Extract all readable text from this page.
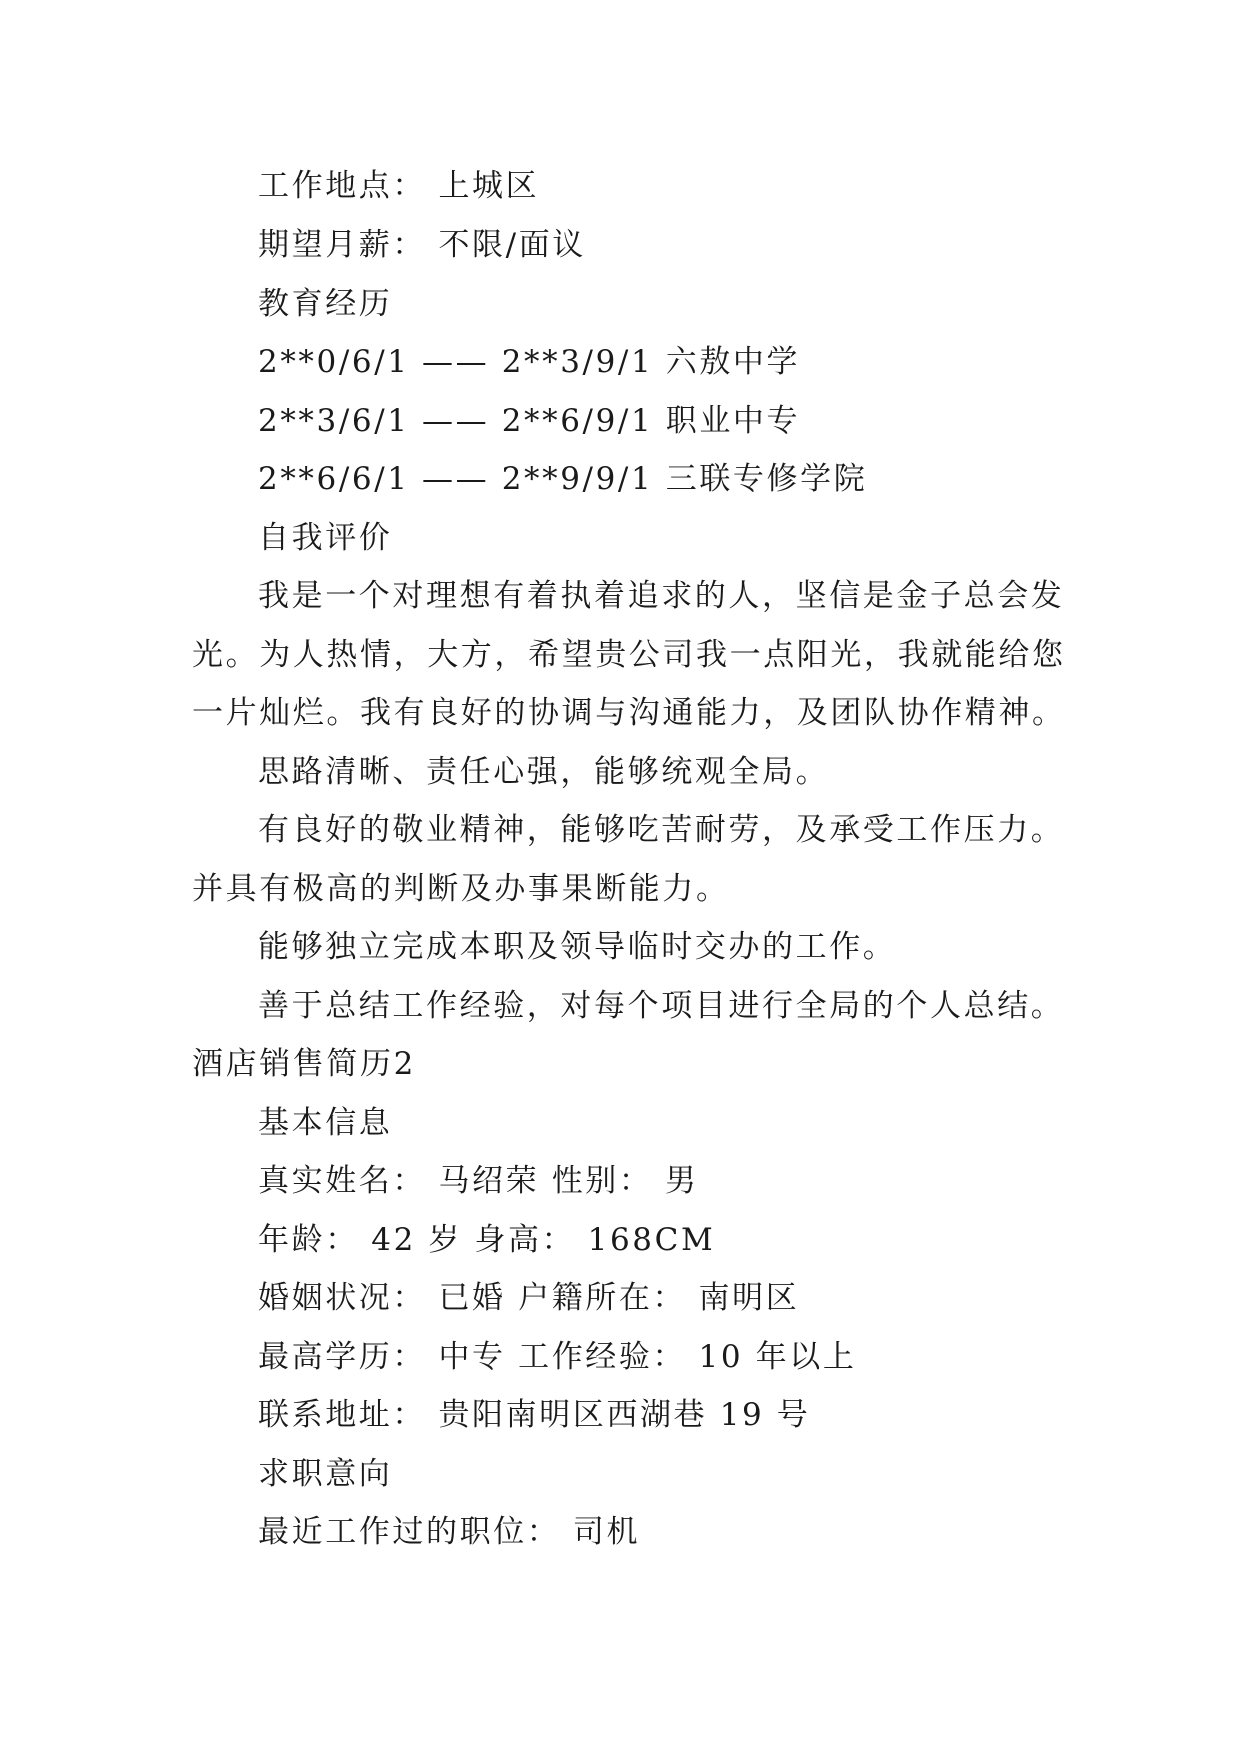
工作地点： 上城区
期望月薪： 不限/面议
教育经历
2**0/6/1 —— 2**3/9/1 六敖中学
2**3/6/1 —— 2**6/9/1 职业中专
2**6/6/1 —— 2**9/9/1 三联专修学院
自我评价
我是一个对理想有着执着追求的人，坚信是金子总会发
光。为人热情，大方，希望贵公司我一点阳光，我就能给您
一片灿烂。我有良好的协调与沟通能力，及团队协作精神。
思路清晰、责任心强，能够统观全局。
有良好的敬业精神，能够吃苦耐劳，及承受工作压力。
并具有极高的判断及办事果断能力。
能够独立完成本职及领导临时交办的工作。
善于总结工作经验，对每个项目进行全局的个人总结。
酒店销售简历2
基本信息
真实姓名： 马绍荣 性别： 男
年龄： 42 岁 身高： 168CM
婚姻状况： 已婚 户籍所在： 南明区
最高学历： 中专 工作经验： 10 年以上
联系地址： 贵阳南明区西湖巷 19 号
求职意向
最近工作过的职位： 司机
